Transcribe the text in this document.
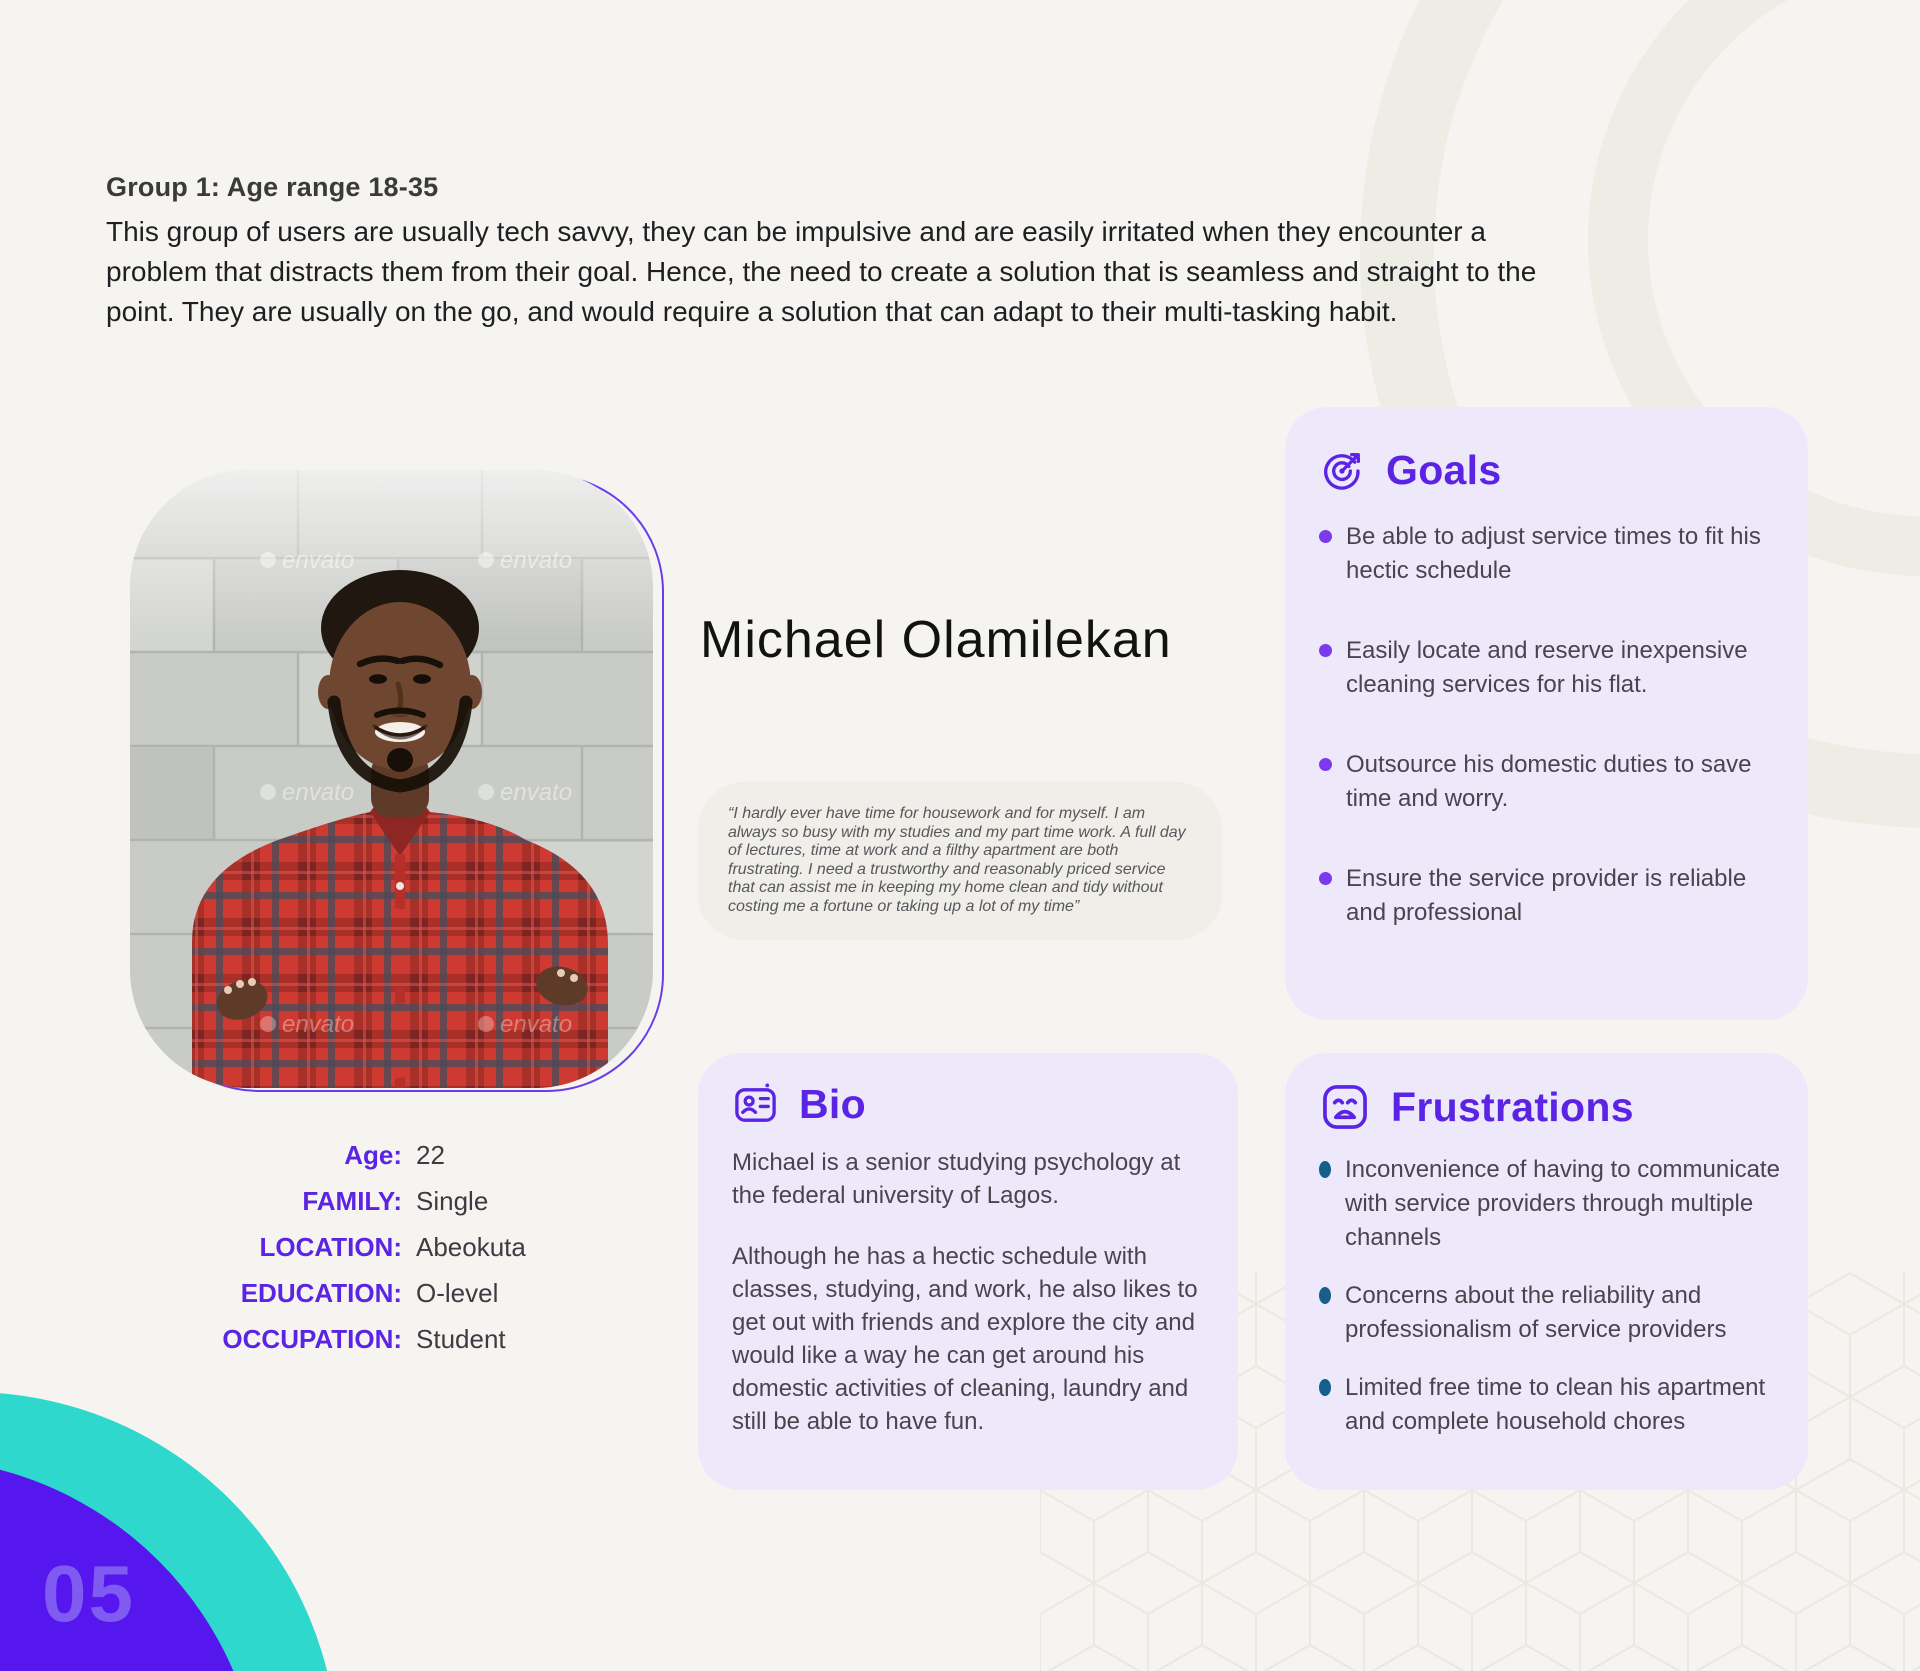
05
Group 1: Age range 18-35

This group of users are usually tech savvy, they can be impulsive and are easily irritated when they encounter a problem that distracts them from their goal. Hence, the need to create a solution that is seamless and straight to the point. They are usually on the go, and would require a solution that can adapt to their multi-tasking habit.

envato	envato
envato	envato
envato	envato
Michael Olamilekan
“I hardly ever have time for housework and for myself. I am always so busy with my studies and my part time work. A full day of lectures, time at work and a filthy apartment are both frustrating. I need a trustworthy and reasonably priced service that can assist me in keeping my home clean and tidy without costing me a fortune or taking up a lot of my time”
Age: 22
FAMILY: Single
LOCATION: Abeokuta
EDUCATION: O-level
OCCUPATION: Student
Goals
Be able to adjust service times to fit his hectic schedule
Easily locate and reserve inexpensive cleaning services for his flat.
Outsource his domestic duties to save time and worry.
Ensure the service provider is reliable and professional
Bio

Michael is a senior studying psychology at the federal university of Lagos.

Although he has a hectic schedule with classes, studying, and work, he also likes to get out with friends and explore the city and would like a way he can get around his domestic activities of cleaning, laundry and still be able to have fun.

Frustrations
Inconvenience of having to communicate with service providers through multiple channels
Concerns about the reliability and professionalism of service providers
Limited free time to clean his apartment and complete household chores
